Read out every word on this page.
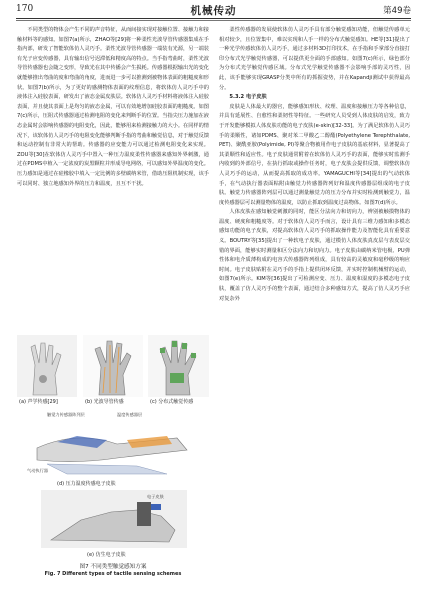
170	机械传动	第49卷

不同类型的物体会产生不同的声音特征，从而间接实现对接触位置、接触力和接触材料等的感知。如图7(a)所示，ZHAO等[29]将一种柔性光波导管传感器集成在手指内部，研发了智能软体仿人灵巧手。柔性光波导管传感器一端装有光源，另一端装有光子应变传感器，具有输出信号迟滞低和精度高的特点。当手指弯曲时，柔性光波导管传感器也会随之变形，导致光在其中传播会产生损耗。传感器根据输出光的变化就能够推出弯曲的度和弯曲的角度，进而进一步可以推测到被物体表面的粗糙度和形状。如图7(b)所示，为了更好的感测物体表面的纹理信息，将软体仿人灵巧手中的液体注入硅胶表面，研发出了液态金属皮肤层。软体仿人灵巧手材料将液体注入硅胶表面，并且使其表面上是均匀的液态金属，可以有效地增加硅胶表面的粗糙度。如图7(c)所示，压阻式传感器通过检测电阻的变化来判断手的位置。当指尖压力施加在液态金属时会影响传感器的电阻变化，因此，能够用来检测接触力的大小。在同样的情况下，该软体仿人灵巧手的电阻变化能够判断手指的弯曲和触觉信息，对于触觉反馈和运动控制有非常大的帮助。传感器的应变能力可以通过检测电阻变化来实现。ZOU等[30]在软体仿人灵巧手中置入一种压力温度柔性传感器来感知外界刺激，通过在PDMS中植入一定浓度的炭黑颗粒并形成导电网络，可以感知外界温度的变化。压力感知是通过在硅橡胶中填入一定比例的多壁碳纳米管，借助压阻机制实现，该手可以同时、独立地感知外界的压力和温度，且互不干扰。

柔性传感器的发展使软体仿人灵巧手具有部分触觉感知功能，但触觉传感单元相对较少，且位置集中，难以实现和人手一样的分布式触觉感知。HE等[31]提出了一种光学传感软体仿人灵巧手，通过多材料3D打印技术，在手指和手掌部分直接打印分布式光学触觉传感器，可以提供更全面的手部感知。如图7(c)所示，绿色部分为分布式光学触觉传感区域。分布式光学触觉传感器不会影响手部的灵巧性，因此，该手能够实现GRASP分类中所有的抓握姿势，并在Kapandji测试中获得最高分。

5.3.2 电子皮肤

皮肤是人体最大的器官，能够感知形状、纹理、温度和接触压力等各种信息，并具有延展性、自愈性和柔韧性等特征。一些研究人员受到人体皮肤的启发，致力于开发能够模拟人体皮肤功能的电子皮肤(e-skin)[32-33]。为了满足软体仿人灵巧手的柔顺性，诸如PDMS、聚对苯二甲酸乙二醇酯(Polyethylene Terephthalate, PET)、聚酰亚胺(Polyimide, PI)等聚合物被用作电子皮肤的基底材料，显著提高了其柔顺性和适应性。电子皮肤通常附着在软体仿人灵巧手的表面，能够实时监测手内收到的外部信号，在执行抓取或操作任务时，电子皮肤会提供反馈，调整软体仿人灵巧手的运动，从而提高抓取的成功率。YAMAGUCHI等[34]提出的气动软体手，在气动执行器表面粘附由触觉力传感器阵列好和温度传感器层组成的电子皮肤。触觉力传感器阵列层可以通过测量触觉力的压力分布并实时检测到触觉力，温度传感器层可以测量物体的温度，以防止抓取到温度过高物体。如图7(d)所示。

人体皮肤在感知触觉刺激的同时，能区分法向力和切向力，辨别被触摸物体的温度、硬度和粗糙度等。对于软体仿人灵巧手而言，设计具有三维力感知和多模态感知功能的电子皮肤，对提高软体仿人灵巧手的抓取操作能力及智能化具有重要意义。BOUTRY等[35]提出了一种软电子皮肤，通过模仿人体皮肤真皮层与表皮层交错的界面，能够实时测量和区分法向力和切向力。电子皮肤由碳纳米管电极、PU弹性体和电介质薄构成的电容式传感器阵列组成，具有较高的灵敏度和毫秒级的响应时间。电子皮肤贴附在灵巧手的手指上提供闭环反馈，并实时控制机械臂的运动，如图7(e)所示。KIM等[36]提出了可检测应变、压力、温度和湿度的多模态电子皮肤，覆盖了仿人灵巧手的整个表面，通过结合多种感知方式，提高了仿人灵巧手应对复杂外

(a) 声学传感[29]	(b) 光波导管传感	(c) 分布式触觉传感
触觉力传感器阵列层	温度传感器层
气动执行器
(d) 压力温度传感电子皮肤
电子皮肤
(e) 仿生电子皮肤
图7 不同类型触觉感知方案
Fig. 7 Different types of tactile sensing schemes
